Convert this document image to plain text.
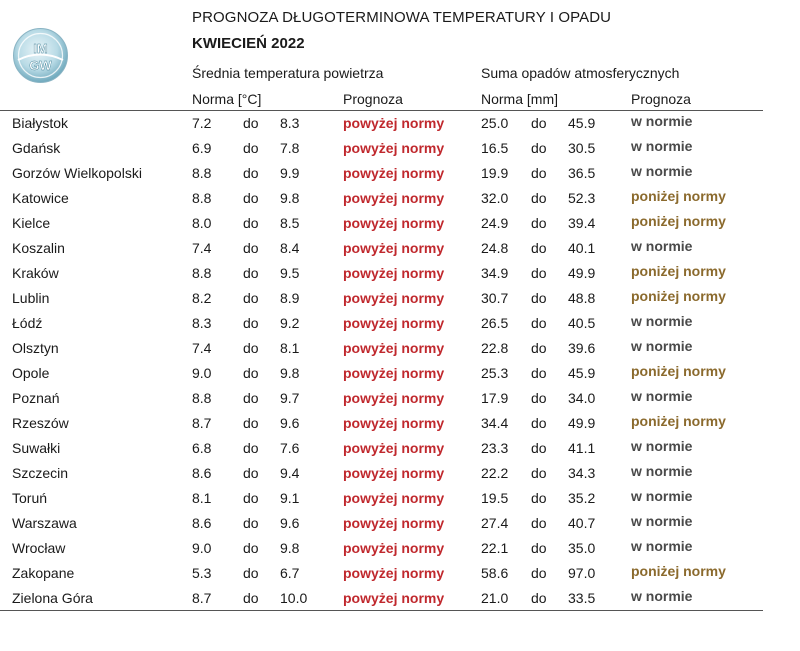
IM
GW
PROGNOZA DŁUGOTERMINOWA TEMPERATURY I OPADU
KWIECIEŃ 2022
Średnia temperatura powietrza	Suma opadów atmosferycznych
Norma [°C]	Prognoza	Norma [mm]	Prognoza
Białystok	7.2 do 8.3	powyżej normy	25.0 do 45.9	w normie
Gdańsk	6.9 do 7.8	powyżej normy	16.5 do 30.5	w normie
Gorzów Wielkopolski	8.8 do 9.9	powyżej normy	19.9 do 36.5	w normie
Katowice	8.8 do 9.8	powyżej normy	32.0 do 52.3	poniżej normy
Kielce	8.0 do 8.5	powyżej normy	24.9 do 39.4	poniżej normy
Koszalin	7.4 do 8.4	powyżej normy	24.8 do 40.1	w normie
Kraków	8.8 do 9.5	powyżej normy	34.9 do 49.9	poniżej normy
Lublin	8.2 do 8.9	powyżej normy	30.7 do 48.8	poniżej normy
Łódź	8.3 do 9.2	powyżej normy	26.5 do 40.5	w normie
Olsztyn	7.4 do 8.1	powyżej normy	22.8 do 39.6	w normie
Opole	9.0 do 9.8	powyżej normy	25.3 do 45.9	poniżej normy
Poznań	8.8 do 9.7	powyżej normy	17.9 do 34.0	w normie
Rzeszów	8.7 do 9.6	powyżej normy	34.4 do 49.9	poniżej normy
Suwałki	6.8 do 7.6	powyżej normy	23.3 do 41.1	w normie
Szczecin	8.6 do 9.4	powyżej normy	22.2 do 34.3	w normie
Toruń	8.1 do 9.1	powyżej normy	19.5 do 35.2	w normie
Warszawa	8.6 do 9.6	powyżej normy	27.4 do 40.7	w normie
Wrocław	9.0 do 9.8	powyżej normy	22.1 do 35.0	w normie
Zakopane	5.3 do 6.7	powyżej normy	58.6 do 97.0	poniżej normy
Zielona Góra	8.7 do 10.0	powyżej normy	21.0 do 33.5	w normie
